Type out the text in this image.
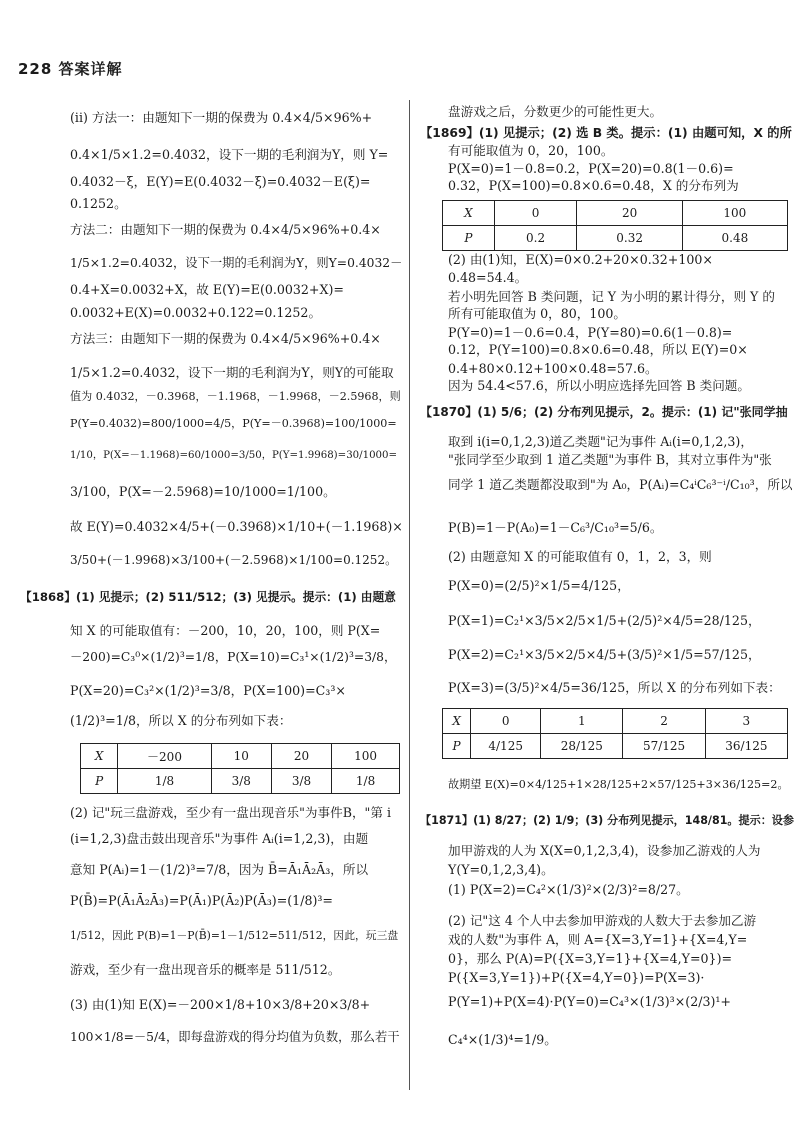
228 答案详解
(ii) 方法一：由题知下一期的保费为 0.4×4/5×96%+
0.4×1/5×1.2=0.4032，设下一期的毛利润为Y，则 Y=
0.4032－ξ，E(Y)=E(0.4032－ξ)=0.4032－E(ξ)=
0.1252。
方法二：由题知下一期的保费为 0.4×4/5×96%+0.4×
1/5×1.2=0.4032，设下一期的毛利润为Y，则Y=0.4032－
0.4+X=0.0032+X，故 E(Y)=E(0.0032+X)=
0.0032+E(X)=0.0032+0.122=0.1252。
方法三：由题知下一期的保费为 0.4×4/5×96%+0.4×
1/5×1.2=0.4032，设下一期的毛利润为Y，则Y的可能取
值为 0.4032，－0.3968，－1.1968，－1.9968，－2.5968，则
P(Y=0.4032)=800/1000=4/5，P(Y=－0.3968)=100/1000=
1/10，P(X=－1.1968)=60/1000=3/50，P(Y=1.9968)=30/1000=
3/100，P(X=－2.5968)=10/1000=1/100。
故 E(Y)=0.4032×4/5+(－0.3968)×1/10+(－1.1968)×
3/50+(－1.9968)×3/100+(－2.5968)×1/100=0.1252。
【1868】(1) 见提示；(2) 511/512；(3) 见提示。提示：(1) 由题意
知 X 的可能取值有：－200，10，20，100，则 P(X=
－200)=C₃⁰×(1/2)³=1/8，P(X=10)=C₃¹×(1/2)³=3/8，
P(X=20)=C₃²×(1/2)³=3/8，P(X=100)=C₃³×
(1/2)³=1/8，所以 X 的分布列如下表：
X	－200	10	20	100
P	1/8	3/8	3/8	1/8
(2) 记"玩三盘游戏，至少有一盘出现音乐"为事件B，"第 i
(i=1,2,3)盘击鼓出现音乐"为事件 Aᵢ(i=1,2,3)，由题
意知 P(Aᵢ)=1－(1/2)³=7/8，因为 B̄=Ā₁Ā₂Ā₃，所以
P(B̄)=P(Ā₁Ā₂Ā₃)=P(Ā₁)P(Ā₂)P(Ā₃)=(1/8)³=
1/512，因此 P(B)=1－P(B̄)=1－1/512=511/512，因此，玩三盘
游戏，至少有一盘出现音乐的概率是 511/512。
(3) 由(1)知 E(X)=－200×1/8+10×3/8+20×3/8+
100×1/8=－5/4，即每盘游戏的得分均值为负数，那么若干
盘游戏之后，分数更少的可能性更大。
【1869】(1) 见提示；(2) 选 B 类。提示：(1) 由题可知，X 的所
有可能取值为 0，20，100。
P(X=0)=1－0.8=0.2，P(X=20)=0.8(1－0.6)=
0.32，P(X=100)=0.8×0.6=0.48，X 的分布列为
X	0	20	100
P	0.2	0.32	0.48
(2) 由(1)知，E(X)=0×0.2+20×0.32+100×
0.48=54.4。
若小明先回答 B 类问题，记 Y 为小明的累计得分，则 Y 的
所有可能取值为 0，80，100。
P(Y=0)=1－0.6=0.4，P(Y=80)=0.6(1－0.8)=
0.12，P(Y=100)=0.8×0.6=0.48，所以 E(Y)=0×
0.4+80×0.12+100×0.48=57.6。
因为 54.4<57.6，所以小明应选择先回答 B 类问题。
【1870】(1) 5/6；(2) 分布列见提示，2。提示：(1) 记"张同学抽
取到 i(i=0,1,2,3)道乙类题"记为事件 Aᵢ(i=0,1,2,3)，
"张同学至少取到 1 道乙类题"为事件 B，其对立事件为"张
同学 1 道乙类题都没取到"为 A₀，P(Aᵢ)=C₄ⁱC₆³⁻ⁱ/C₁₀³，所以
P(B)=1－P(A₀)=1－C₆³/C₁₀³=5/6。
(2) 由题意知 X 的可能取值有 0，1，2，3，则
P(X=0)=(2/5)²×1/5=4/125，
P(X=1)=C₂¹×3/5×2/5×1/5+(2/5)²×4/5=28/125，
P(X=2)=C₂¹×3/5×2/5×4/5+(3/5)²×1/5=57/125，
P(X=3)=(3/5)²×4/5=36/125，所以 X 的分布列如下表：
X	0	1	2	3
P	4/125	28/125	57/125	36/125
故期望 E(X)=0×4/125+1×28/125+2×57/125+3×36/125=2。
【1871】(1) 8/27；(2) 1/9；(3) 分布列见提示，148/81。提示：设参
加甲游戏的人为 X(X=0,1,2,3,4)，设参加乙游戏的人为
Y(Y=0,1,2,3,4)。
(1) P(X=2)=C₄²×(1/3)²×(2/3)²=8/27。
(2) 记"这 4 个人中去参加甲游戏的人数大于去参加乙游
戏的人数"为事件 A，则 A={X=3,Y=1}+{X=4,Y=
0}，那么 P(A)=P({X=3,Y=1}+{X=4,Y=0})=
P({X=3,Y=1})+P({X=4,Y=0})=P(X=3)·
P(Y=1)+P(X=4)·P(Y=0)=C₄³×(1/3)³×(2/3)¹+
C₄⁴×(1/3)⁴=1/9。
